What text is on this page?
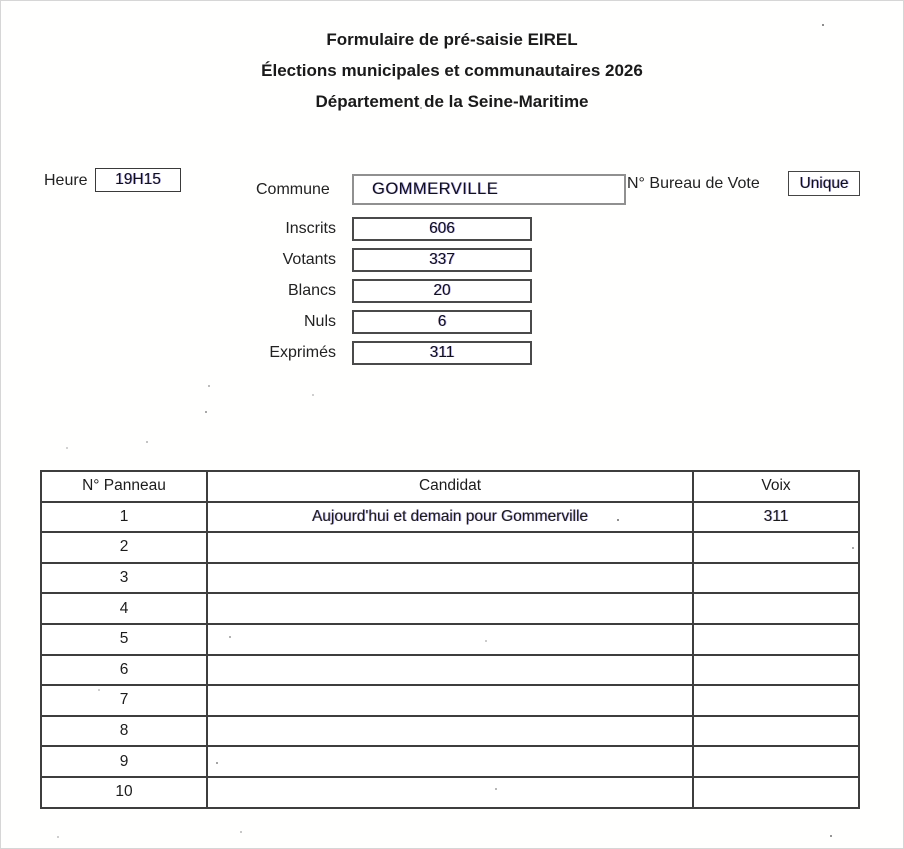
Formulaire de pré-saisie EIREL
Élections municipales et communautaires 2026
Département de la Seine-Maritime
Heure 19H15
Commune	GOMMERVILLE	N° Bureau de Vote	Unique
Inscrits	606
Votants	337
Blancs	20
Nuls	6
Exprimés	311
N° Panneau	Candidat	Voix
1	Aujourd'hui et demain pour Gommerville	311
2		
3		
4		
5		
6		
7		
8		
9		
10		
